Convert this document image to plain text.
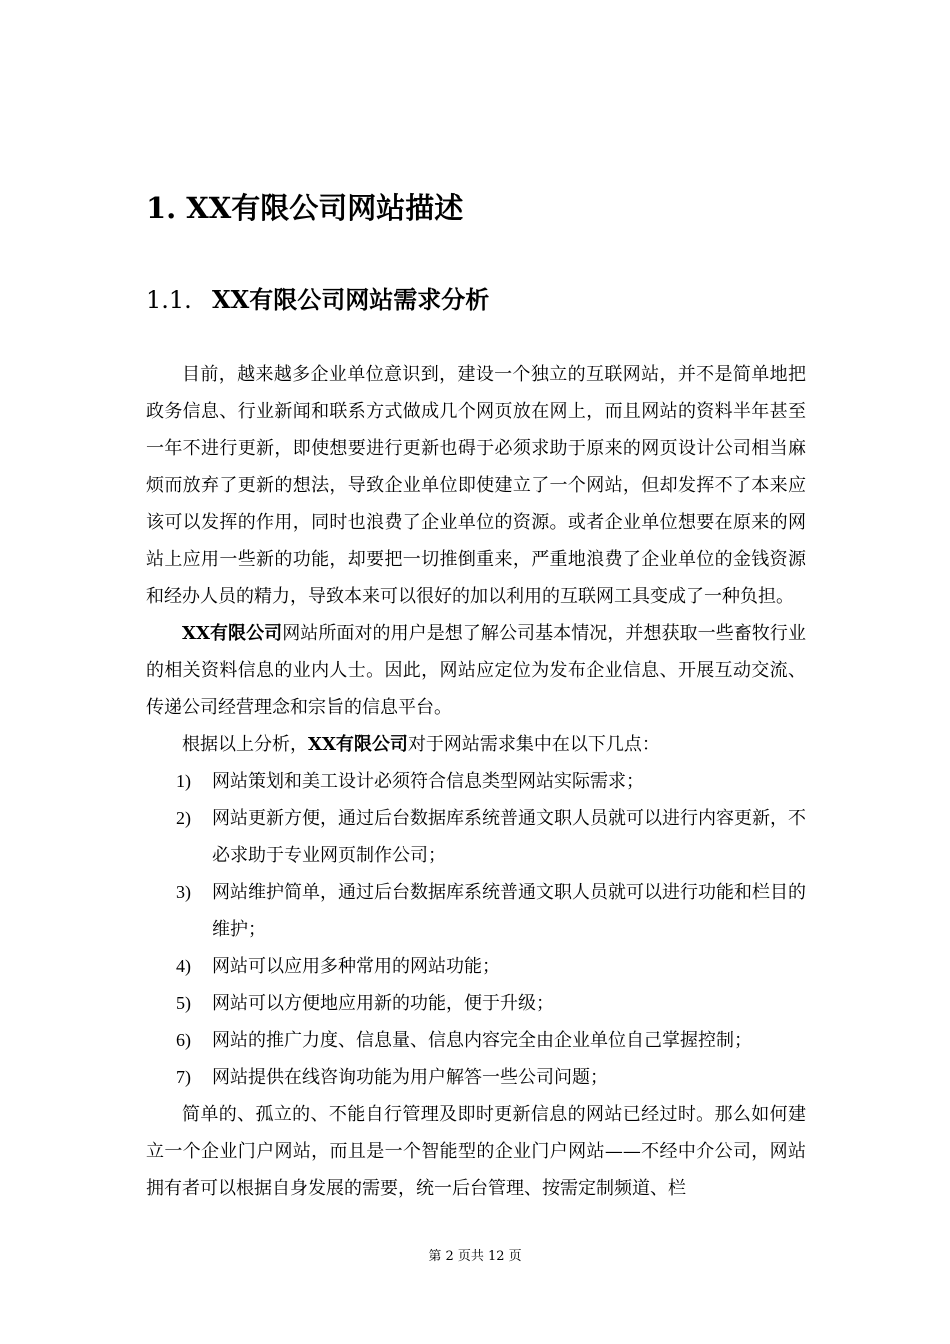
1. XX有限公司网站描述
1.1. XX有限公司网站需求分析

目前，越来越多企业单位意识到，建设一个独立的互联网站，并不是简单地把政务信息、行业新闻和联系方式做成几个网页放在网上，而且网站的资料半年甚至一年不进行更新，即使想要进行更新也碍于必须求助于原来的网页设计公司相当麻烦而放弃了更新的想法，导致企业单位即使建立了一个网站，但却发挥不了本来应该可以发挥的作用，同时也浪费了企业单位的资源。或者企业单位想要在原来的网站上应用一些新的功能，却要把一切推倒重来，严重地浪费了企业单位的金钱资源和经办人员的精力，导致本来可以很好的加以利用的互联网工具变成了一种负担。

XX有限公司网站所面对的用户是想了解公司基本情况，并想获取一些畜牧行业的相关资料信息的业内人士。因此，网站应定位为发布企业信息、开展互动交流、传递公司经营理念和宗旨的信息平台。

根据以上分析，XX有限公司对于网站需求集中在以下几点：

1) 网站策划和美工设计必须符合信息类型网站实际需求；
2) 网站更新方便，通过后台数据库系统普通文职人员就可以进行内容更新，不必求助于专业网页制作公司；
3) 网站维护简单，通过后台数据库系统普通文职人员就可以进行功能和栏目的维护；
4) 网站可以应用多种常用的网站功能；
5) 网站可以方便地应用新的功能，便于升级；
6) 网站的推广力度、信息量、信息内容完全由企业单位自己掌握控制；
7) 网站提供在线咨询功能为用户解答一些公司问题；

简单的、孤立的、不能自行管理及即时更新信息的网站已经过时。那么如何建立一个企业门户网站，而且是一个智能型的企业门户网站——不经中介公司，网站拥有者可以根据自身发展的需要，统一后台管理、按需定制频道、栏

第 2 页共 12 页
